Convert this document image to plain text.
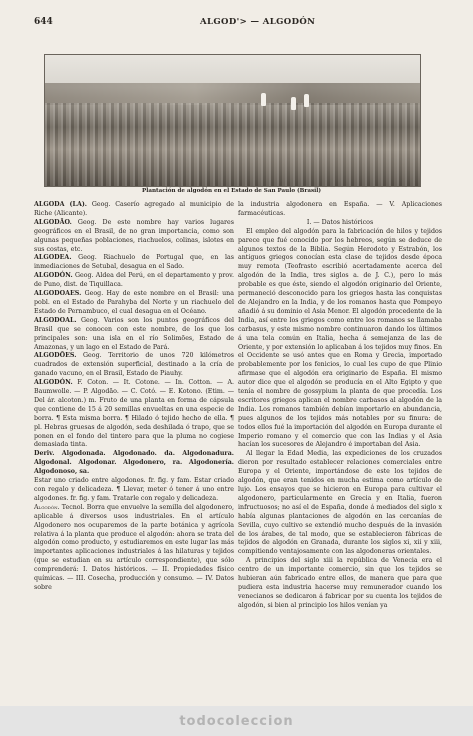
644	ALGOD'> — ALGODÓN
Plantación de algodón en el Estado de San Paulo (Brasil)

ALGODA (LA). Geog. Caserío agregado al municipio de Riche (Alicante).

ALGODÃO. Geog. De este nombre hay varios lugares geográficos en el Brasil, de no gran importancia, como son algunas pequeñas poblaciones, riachuelos, colinas, islotes en sus costas, etc.

ALGODEA. Geog. Riachuelo de Portugal que, en las inmediaciones de Setubal, desagua en el Sado.

ALGODÓN. Geog. Aldea del Perú, en el departamento y prov. de Puno, dist. de Tiquillaca.

ALGODOAES. Geog. Hay de este nombre en el Brasil: una pobl. en el Estado de Parahyba del Norte y un riachuelo del Estado de Pernambuco, el cual desagua en el Océano.

ALGODOAL. Geog. Varios son los puntos geográficos del Brasil que se conocen con este nombre, de los que los principales son: una isla en el río Solimões, Estado de Amazonas, y un lago en el Estado de Pará.

ALGODÕES. Geog. Territorio de unos 720 kilómetros cuadrados de extensión superficial, destinado a la cría de ganado vacuno, en el Brasil, Estado de Piauhy.

ALGODÓN. F. Coton. — It. Cotone. — In. Cotton. — A. Baumwolle. — P. Algodão. — C. Cotó. — E. Kotono. (Etim. — Del ár. alcoton.) m. Fruto de una planta en forma de cápsula que contiene de 15 á 20 semillas envueltas en una especie de borra. ¶ Esta misma borra. ¶ Hilado ó tejido hecho de ella. ¶ pl. Hebras gruesas de algodón, seda deshilada ó trapo, que se ponen en el fondo del tintero para que la pluma no cogiese demasiada tinta.

Deriv. Algodonada. Algodonado. da. Algodonadura. Algodonal. Algodonar. Algodonero, ra. Algodonería. Algodonoso, sa.

Estar uno criado entre algodones. fr. fig. y fam. Estar criado con regalo y delicadeza. ¶ Llevar, meter ó tener á uno entre algodones. fr. fig. y fam. Tratarle con regalo y delicadeza.

Algodón. Tecnol. Borra que envuelve la semilla del algodonero, aplicable á diversos usos industriales. En el artículo Algodonero nos ocuparemos de la parte botánica y agrícola relativa á la planta que produce el algodón: ahora se trata del algodón como producto, y estudiaremos en este lugar las más importantes aplicaciones industriales á las hilaturas y tejidos (que se estudian en su artículo correspondiente), que sólo comprenderá: I. Datos históricos. — II. Propiedades físico químicas. — III. Cosecha, producción y consumo. — IV. Datos sobre

la industria algodonera en España. — V. Aplicaciones farmacéuticas.

I. — Datos históricos

El empleo del algodón para la fabricación de hilos y tejidos parece que fué conocido por los hebreos, según se deduce de algunos textos de la Biblia. Según Herodoto y Estrabón, los antiguos griegos conocían esta clase de tejidos desde época muy remota (Teofrasto escribió acertadamente acerca del algodón de la India, tres siglos a. de J. C.), pero lo más probable es que éste, siendo el algodón originario del Oriente, permaneció desconocido para los griegos hasta las conquistas de Alejandro en la India, y de los romanos hasta que Pompeyo añadió á su dominio el Asia Menor. El algodón procedente de la India, así entre los griegos como entre los romanos se llamaba carbasus, y este mismo nombre continuaron dando los últimos á una tela común en Italia, hecha á semejanza de las de Oriente, y por extensión lo aplicaban á los tejidos muy finos. En el Occidente se usó antes que en Roma y Grecia, importado probablemente por los fenicios, lo cual les cupo de que Plinio afirmase que el algodón era originario de España. El mismo autor dice que el algodón se producía en el Alto Egipto y que tenía el nombre de gossypium la planta de que procedía. Los escritores griegos aplican el nombre carbasos al algodón de la India. Los romanos también debían importarlo en abundancia, pues algunos de los tejidos más notables por su finura: de todos ellos fué la importación del algodón en Europa durante el Imperio romano y el comercio que con las Indias y el Asia hacían los sucesores de Alejandro é importaban del Asia.

Al llegar la Edad Media, las expediciones de los cruzados dieron por resultado establecer relaciones comerciales entre Europa y el Oriente, importándose de este los tejidos de algodón, que eran tenidos en mucha estima como artículo de lujo. Los ensayos que se hicieron en Europa para cultivar el algodonero, particularmente en Grecia y en Italia, fueron infructuosos; no así el de España, donde á mediados del siglo x había algunas plantaciones de algodón en las cercanías de Sevilla, cuyo cultivo se extendió mucho después de la invasión de los árabes, de tal modo, que se establecieron fábricas de tejidos de algodón en Granada, durante los siglos xi, xii y xiii, compitiendo ventajosamente con las algodoneras orientales.

A principios del siglo xiii la república de Venecia era el centro de un importante comercio, sin que los tejidos se hubieran aún fabricado entre ellos, de manera que para que pudiera esta industria hacerse muy remunerador cuando los venecianos se dedicaron á fabricar por su cuenta los tejidos de algodón, si bien al principio los hilos venían ya

todocoleccion
